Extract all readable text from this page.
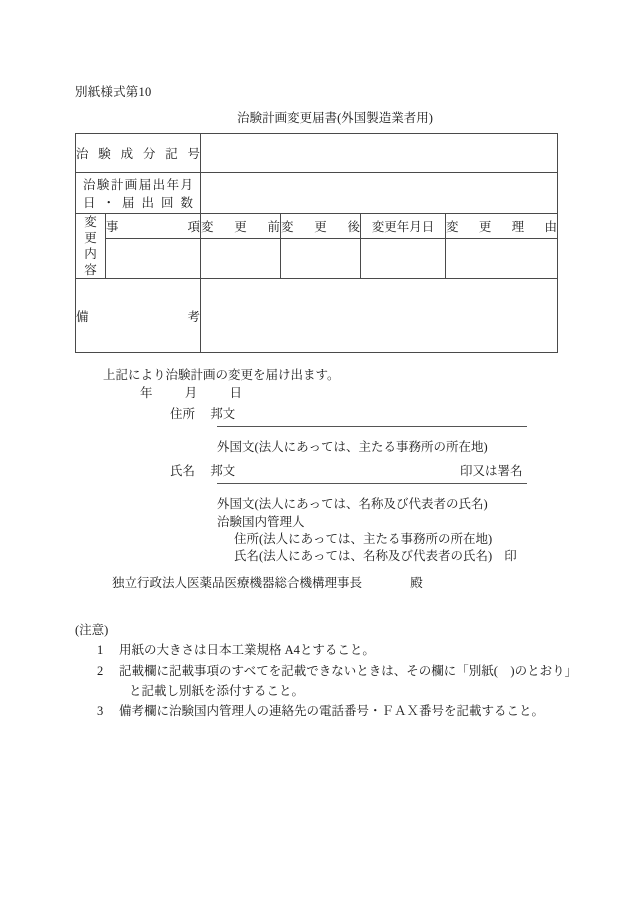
別紙様式第10
治験計画変更届書(外国製造業者用)
治験成分記号					

治験計画届出年月
日・届出回数					

変
更
内
容	事項	変更前	変更後	変更年月日	変更理由

備考					
上記により治験計画の変更を届け出ます。
年	月	日
住所 邦文
外国文(法人にあっては、主たる事務所の所在地)
氏名 邦文	印又は署名
外国文(法人にあっては、名称及び代表者の氏名)
治験国内管理人
住所(法人にあっては、主たる事務所の所在地)
氏名(法人にあっては、名称及び代表者の氏名) 印
独立行政法人医薬品医療機器総合機構理事長	殿
(注意)
1 用紙の大きさは日本工業規格 A4とすること。
2 記載欄に記載事項のすべてを記載できないときは、その欄に「別紙(　)のとおり」
と記載し別紙を添付すること。
3 備考欄に治験国内管理人の連絡先の電話番号・ＦＡＸ番号を記載すること。
